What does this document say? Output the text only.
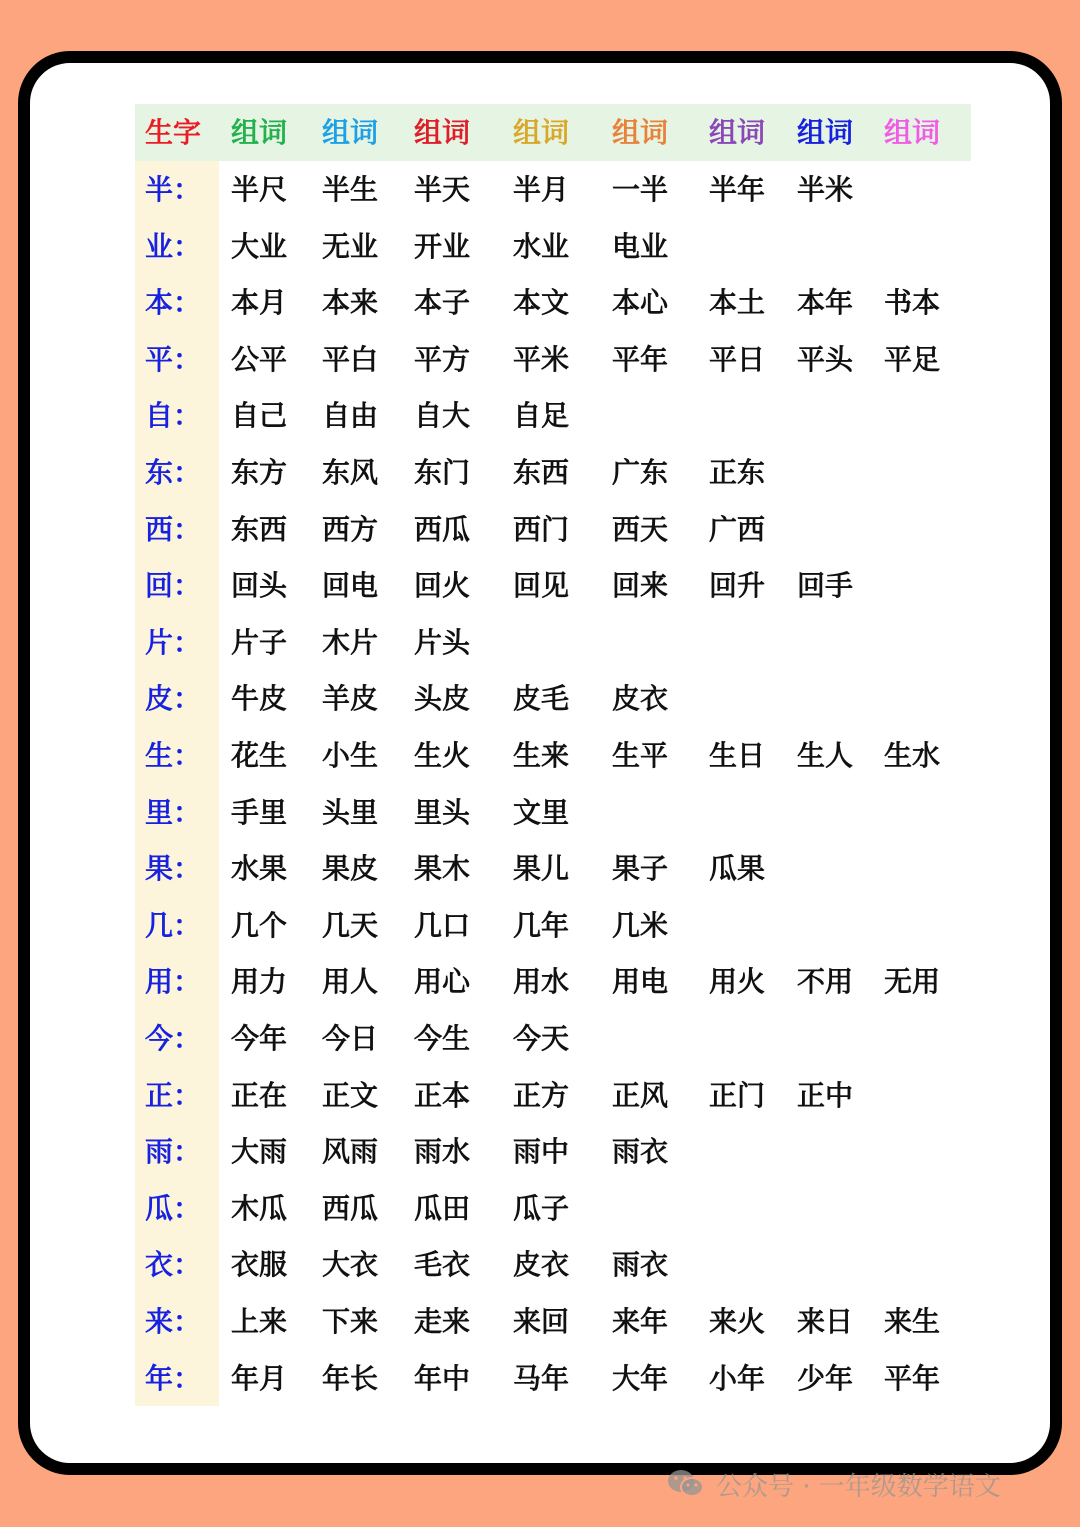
生字 组词 组词 组词 组词 组词 组词 组词 组词
半： 半尺 半生 半天 半月 一半 半年 半米
业： 大业 无业 开业 水业 电业
本： 本月 本来 本子 本文 本心 本土 本年 书本
平： 公平 平白 平方 平米 平年 平日 平头 平足
自： 自己 自由 自大 自足
东： 东方 东风 东门 东西 广东 正东
西： 东西 西方 西瓜 西门 西天 广西
回： 回头 回电 回火 回见 回来 回升 回手
片： 片子 木片 片头
皮： 牛皮 羊皮 头皮 皮毛 皮衣
生： 花生 小生 生火 生来 生平 生日 生人 生水
里： 手里 头里 里头 文里
果： 水果 果皮 果木 果儿 果子 瓜果
几： 几个 几天 几口 几年 几米
用： 用力 用人 用心 用水 用电 用火 不用 无用
今： 今年 今日 今生 今天
正： 正在 正文 正本 正方 正风 正门 正中
雨： 大雨 风雨 雨水 雨中 雨衣
瓜： 木瓜 西瓜 瓜田 瓜子
衣： 衣服 大衣 毛衣 皮衣 雨衣
来： 上来 下来 走来 来回 来年 来火 来日 来生
年： 年月 年长 年中 马年 大年 小年 少年 平年
公众号 · 一年级数学语文
